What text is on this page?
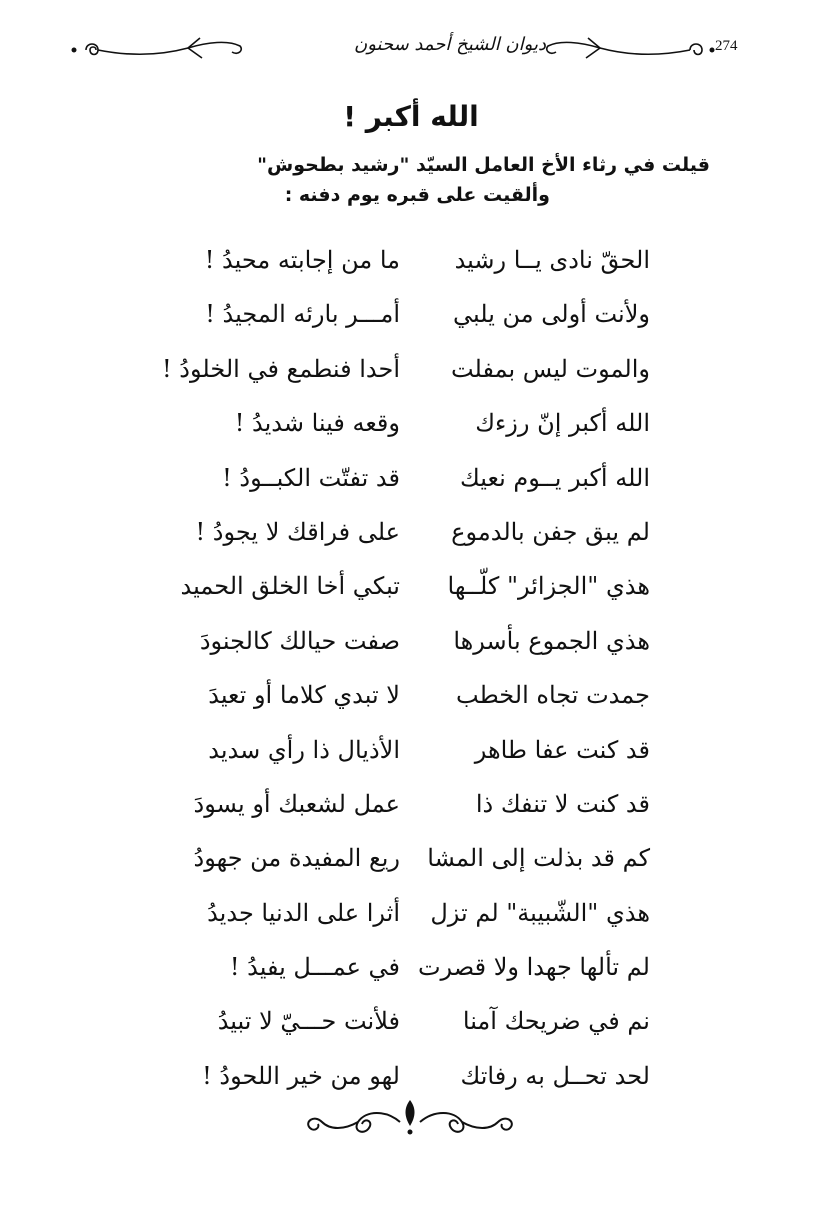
ديوان الشيخ أحمد سحنون	274
الله أكبر !
قيلت في رثاء الأخ العامل السيّد "رشيد بطحوش"
وألقيت على قبره يوم دفنه :
الحقّ نادى يــا رشيد
ما من إجابته محيدُ !
ولأنت أولى من يلبي
أمـــر بارئه المجيدُ !
والموت ليس بمفلت
أحدا فنطمع في الخلودُ !
الله أكبر إنّ رزءك
وقعه فينا شديدُ !
الله أكبر يــوم نعيك
قد تفتّت الكبــودُ !
لم يبق جفن بالدموع
على فراقك لا يجودُ !
هذي "الجزائر" كلّــها
تبكي أخا الخلق الحميد
هذي الجموع بأسرها
صفت حيالك كالجنودَ
جمدت تجاه الخطب
لا تبدي كلاما أو تعيدَ
قد كنت عفا طاهر
الأذيال ذا رأي سديد
قد كنت لا تنفك ذا
عمل لشعبك أو يسودَ
كم قد بذلت إلى المشا
ريع المفيدة من جهودُ
هذي "الشّبيبة" لم تزل
أثرا على الدنيا جديدُ
لم تألها جهدا ولا قصرت
في عمـــل يفيدُ !
نم في ضريحك آمنا
فلأنت حـــيّ لا تبيدُ
لحد تحــل به رفاتك
لهو من خير اللحودُ !
